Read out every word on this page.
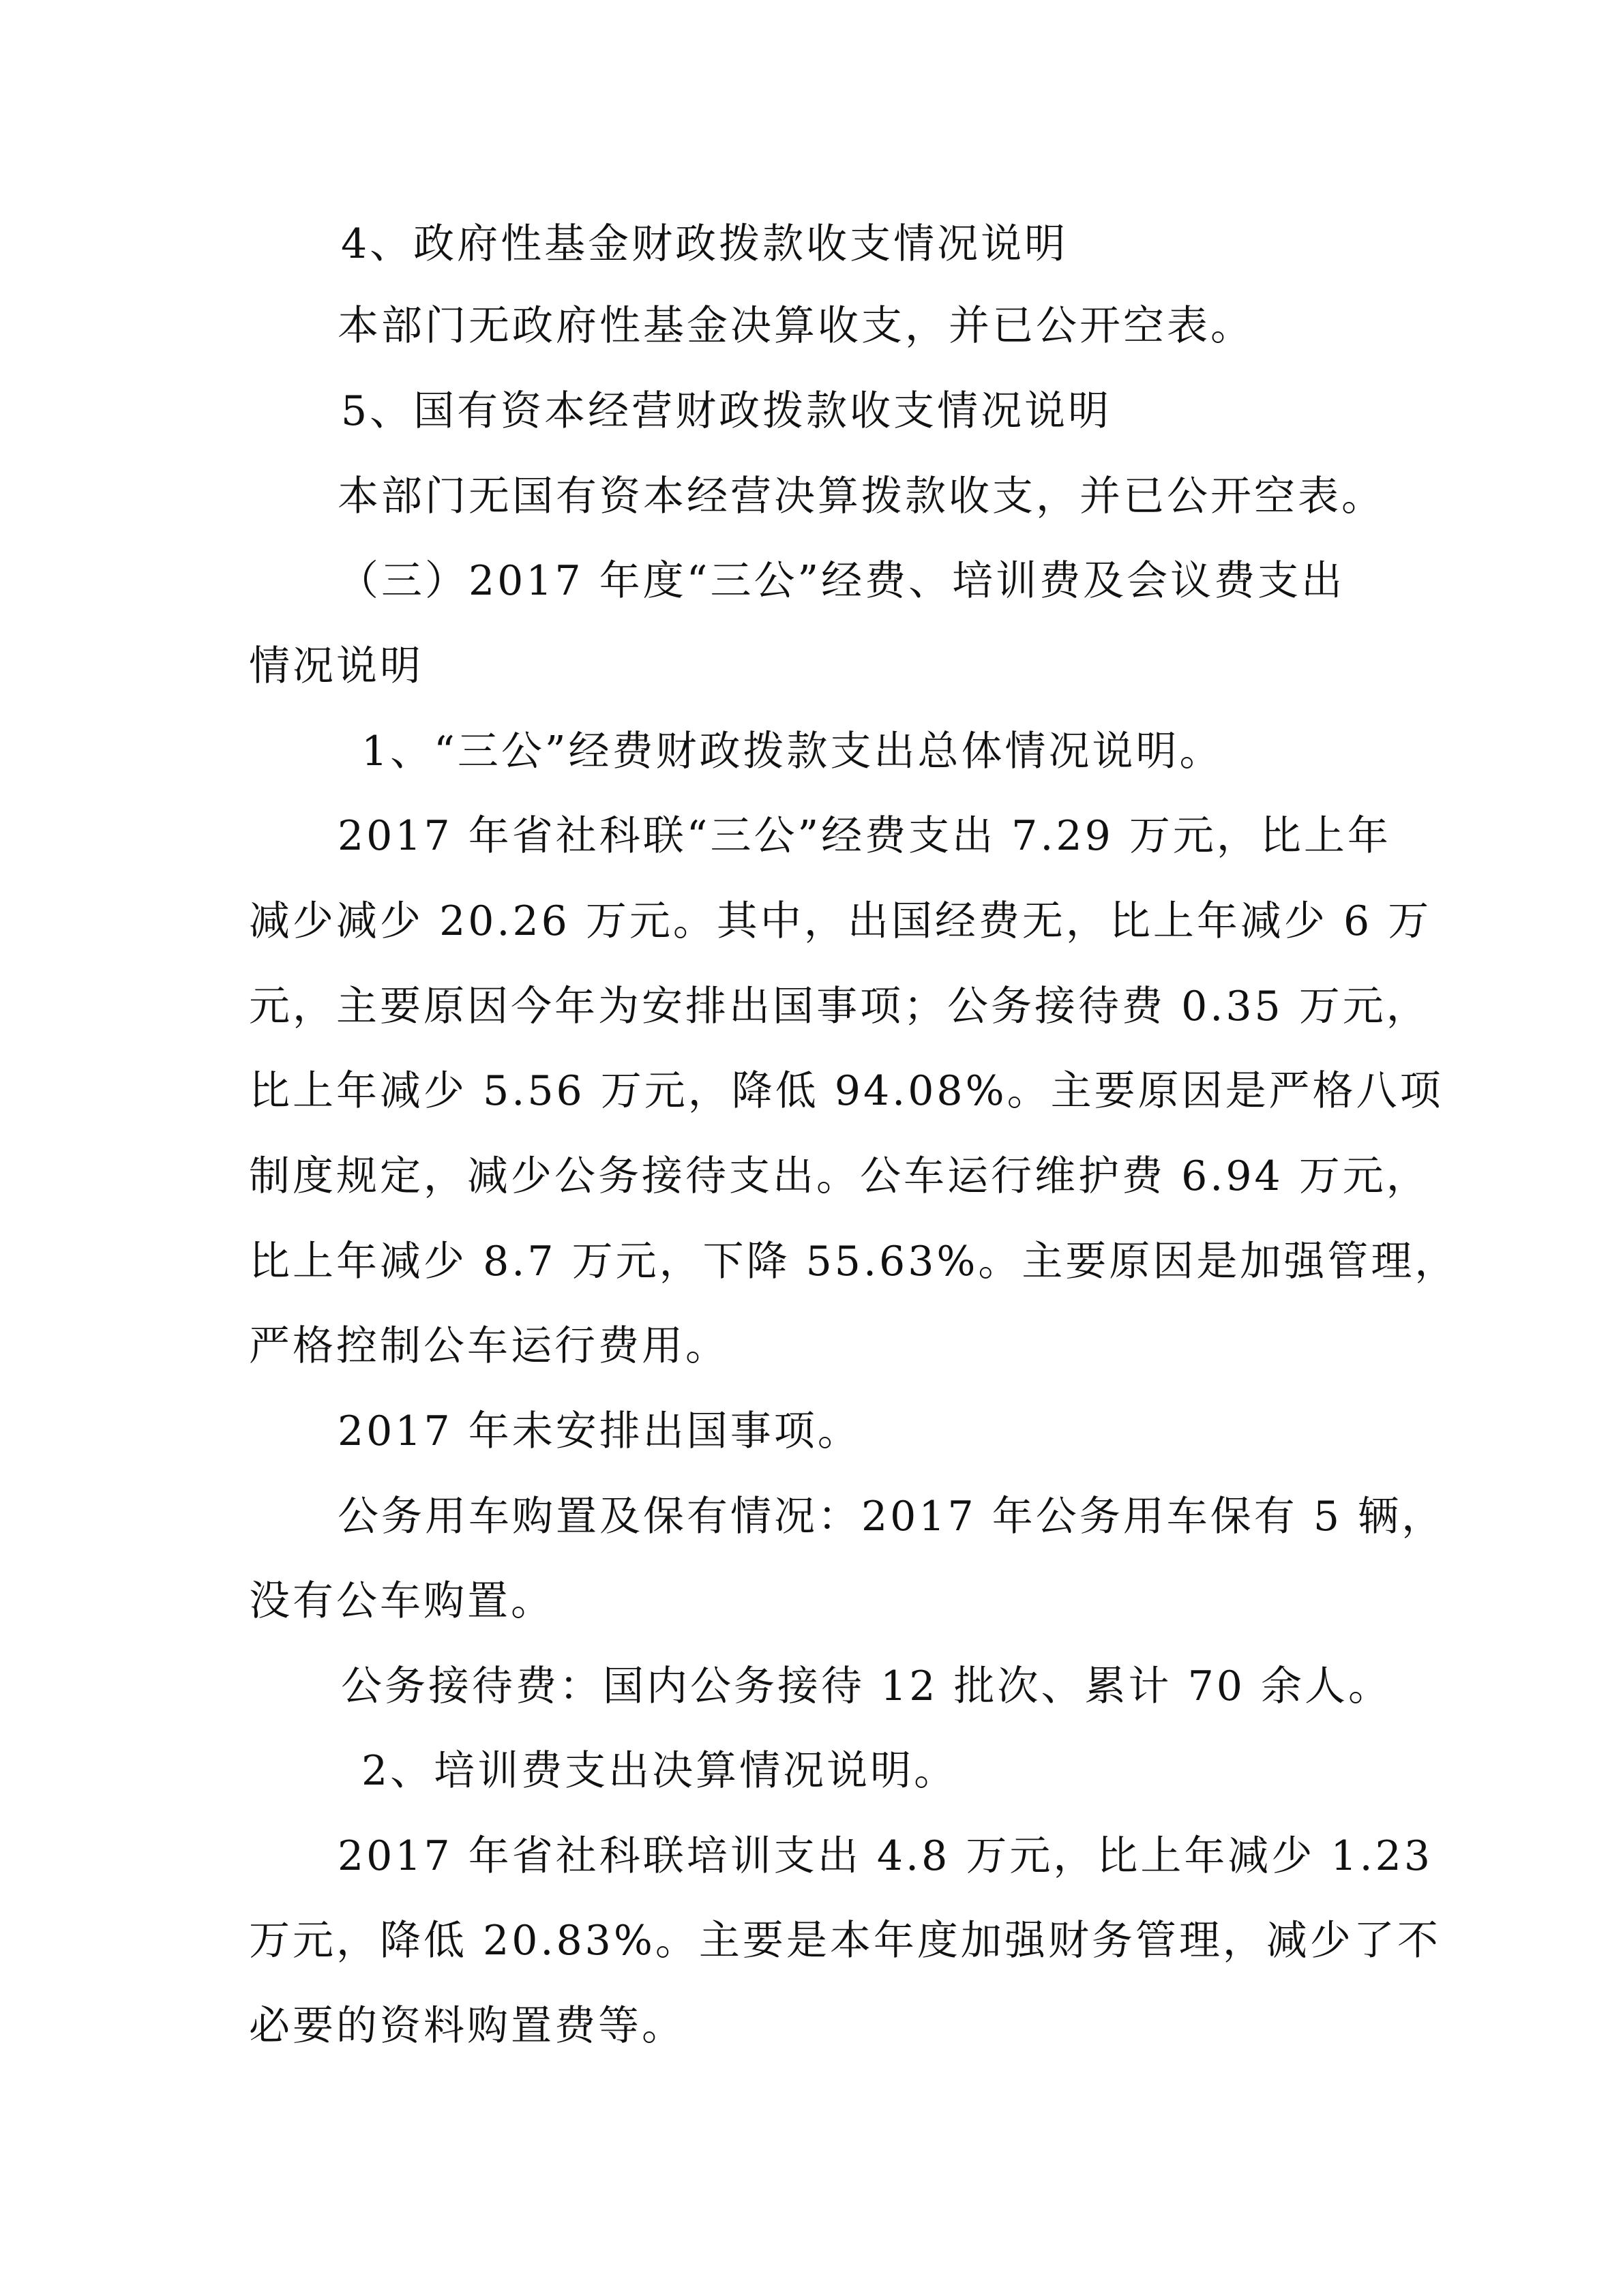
4、政府性基金财政拨款收支情况说明
本部门无政府性基金决算收支，并已公开空表。
5、国有资本经营财政拨款收支情况说明
本部门无国有资本经营决算拨款收支，并已公开空表。
（三）2017 年度“三公”经费、培训费及会议费支出
情况说明
1、“三公”经费财政拨款支出总体情况说明。
2017 年省社科联“三公”经费支出 7.29 万元，比上年
减少减少 20.26 万元。其中，出国经费无，比上年减少 6 万
元，主要原因今年为安排出国事项；公务接待费 0.35 万元，
比上年减少 5.56 万元，降低 94.08%。主要原因是严格八项
制度规定，减少公务接待支出。公车运行维护费 6.94 万元，
比上年减少 8.7 万元，下降 55.63%。主要原因是加强管理，
严格控制公车运行费用。
2017 年未安排出国事项。
公务用车购置及保有情况：2017 年公务用车保有 5 辆，
没有公车购置。
公务接待费：国内公务接待 12 批次、累计 70 余人。
2、培训费支出决算情况说明。
2017 年省社科联培训支出 4.8 万元，比上年减少 1.23
万元，降低 20.83%。主要是本年度加强财务管理，减少了不
必要的资料购置费等。
